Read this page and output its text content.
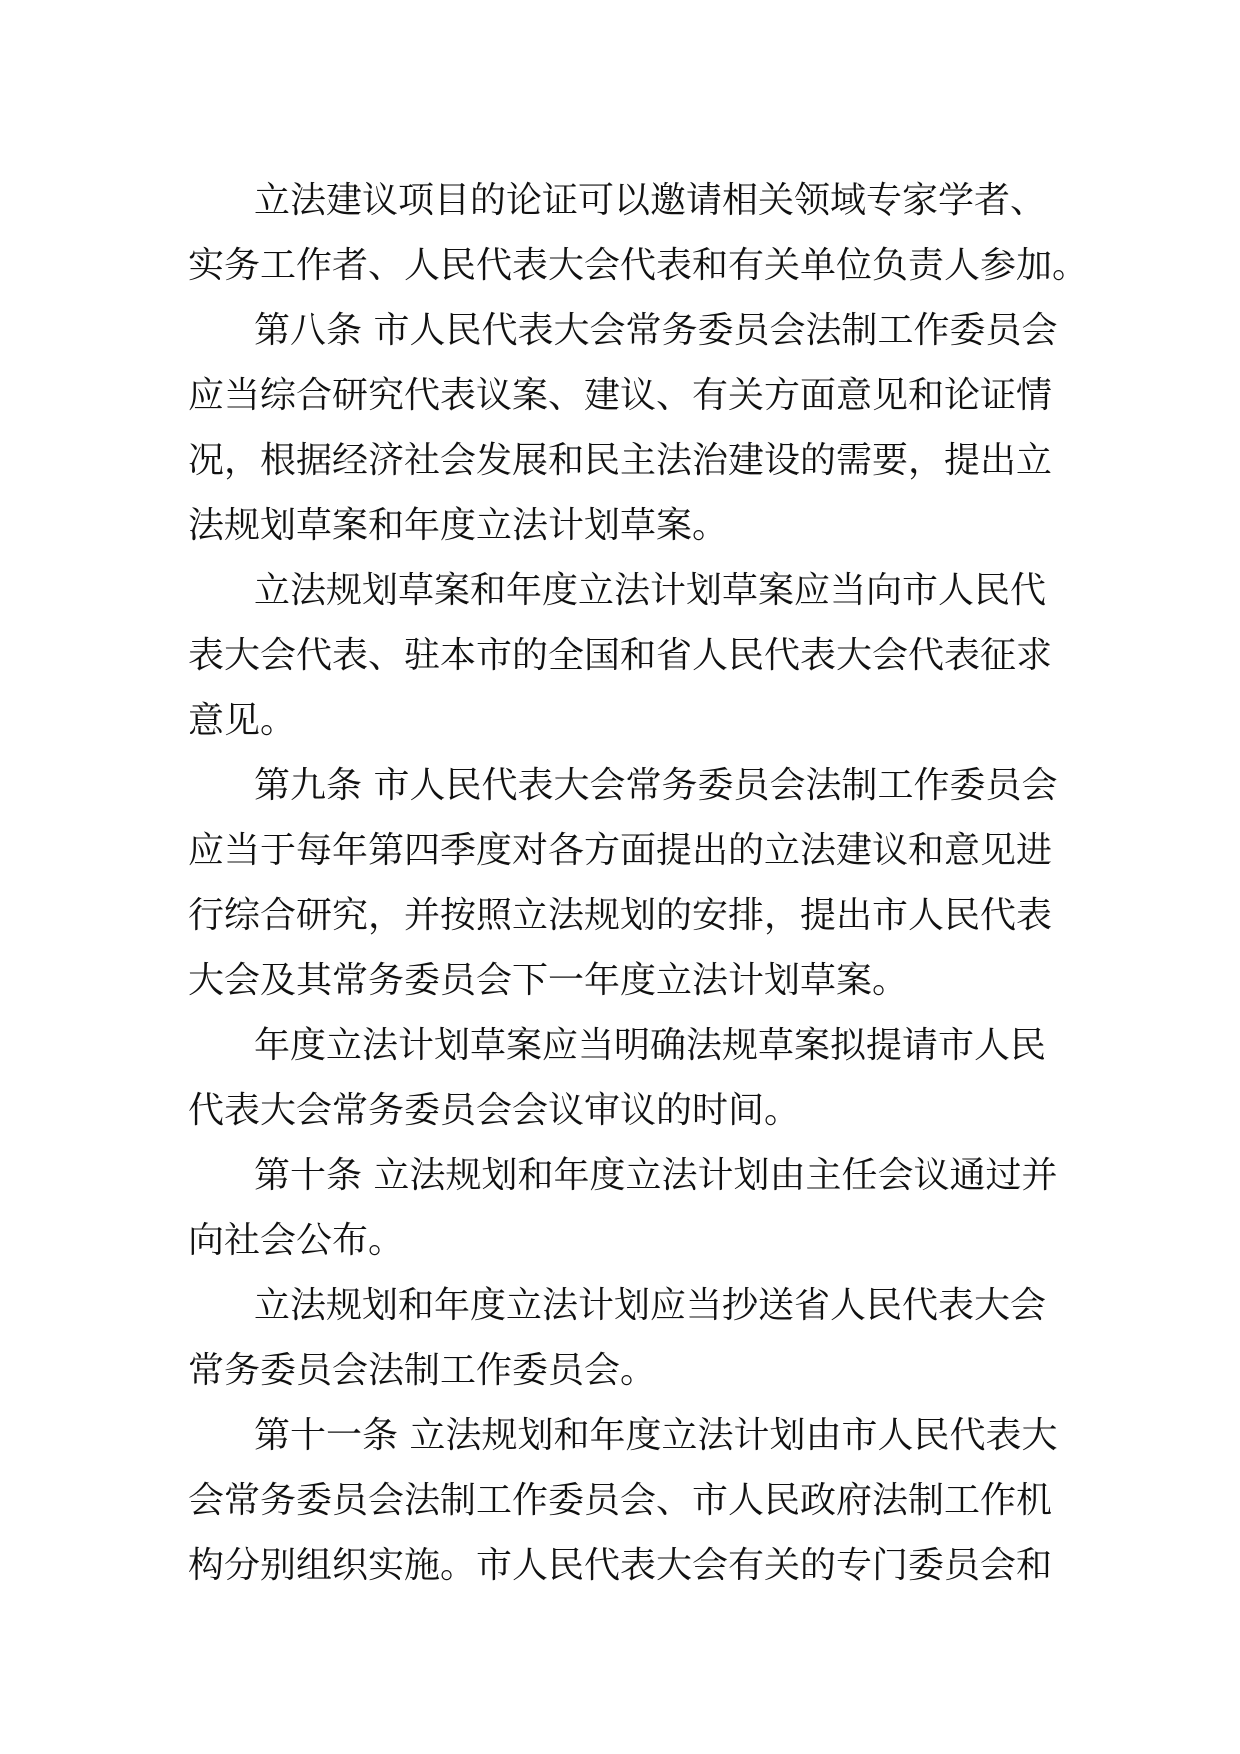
立法建议项目的论证可以邀请相关领域专家学者、
实务工作者、人民代表大会代表和有关单位负责人参加。
第八条 市人民代表大会常务委员会法制工作委员会
应当综合研究代表议案、建议、有关方面意见和论证情
况，根据经济社会发展和民主法治建设的需要，提出立
法规划草案和年度立法计划草案。
立法规划草案和年度立法计划草案应当向市人民代
表大会代表、驻本市的全国和省人民代表大会代表征求
意见。
第九条 市人民代表大会常务委员会法制工作委员会
应当于每年第四季度对各方面提出的立法建议和意见进
行综合研究，并按照立法规划的安排，提出市人民代表
大会及其常务委员会下一年度立法计划草案。
年度立法计划草案应当明确法规草案拟提请市人民
代表大会常务委员会会议审议的时间。
第十条 立法规划和年度立法计划由主任会议通过并
向社会公布。
立法规划和年度立法计划应当抄送省人民代表大会
常务委员会法制工作委员会。
第十一条 立法规划和年度立法计划由市人民代表大
会常务委员会法制工作委员会、市人民政府法制工作机
构分别组织实施。市人民代表大会有关的专门委员会和
